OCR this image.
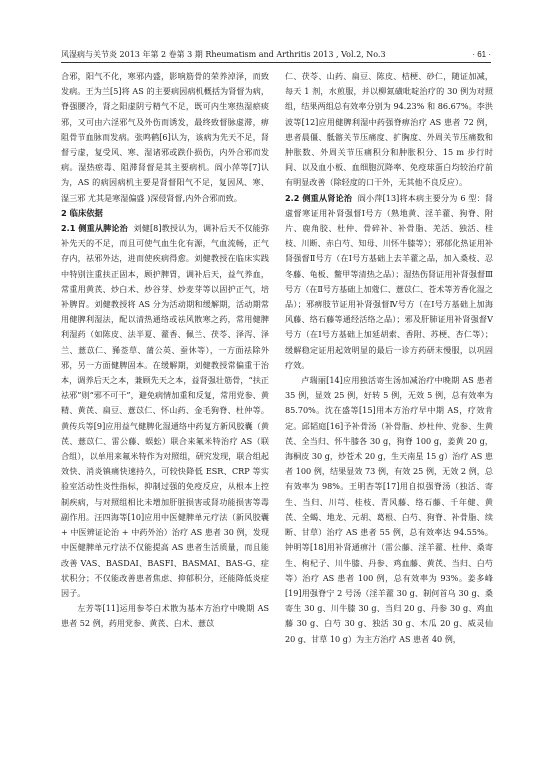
风湿病与关节炎 2013 年第 2 卷第 3 期 Rheumatism and Arthritis 2013 , Vol.2, No.3	· 61 ·

合邪，阳气不化，寒邪内盛，影响筋骨的荣养淖泽，而致发病。王为兰[5]将 AS 的主要病因病机概括为肾督为病，脊强腰冷，肾之阳虚阴亏精气不足，既可内生寒热湿瘀痰邪，又可由六淫邪气及外伤而诱发，最终致督脉虚滞，痹阻骨节血脉而发病。张鸣鹤[6]认为，该病为先天不足，肾督亏虚，复受风、寒、湿诸邪或跌仆损伤，内外合邪而发病。湿热瘀毒、阻滞肾督是其主要病机。阎小萍等[7]认为，AS 的病因病机主要是肾督阳气不足，复因风、寒、湿三邪 尤其是寒湿偏盛 )深侵肾督,内外合邪而致。

2 临床依据

2.1 侧重从脾论治 刘健[8]教授认为，调补后天不仅能弥补先天的不足，而且可使气血生化有源，气血流畅，正气存内，祛邪外达，进而使疾病得愈。刘健教授在临床实践中特别注重扶正固本，顾护脾胃，调补后天，益气养血，常重用黄芪、炒白术、炒谷芽、炒麦芽等以固护正气，培补脾胃。刘健教授将 AS 分为活动期和缓解期，活动期常用健脾利湿法，配以清热通络或祛风散寒之药，常用健脾利湿药（如陈皮、法半夏、藿香、佩兰、茯苓、泽泻、泽兰、薏苡仁、豨莶草、蒲公英、蚕休等），一方面祛除外邪，另一方面健脾固本。在缓解期，刘健教授常偏重于治本，调养后天之本，兼顾先天之本，益肾强壮筋骨，“扶正祛邪”则“邪不可干”，避免病情加重和反复，常用党参、黄精、黄芪、扁豆、薏苡仁、怀山药、金毛狗脊、杜仲等。黄传兵等[9]应用益气健脾化湿通络中药复方新风胶囊（黄芪、薏苡仁、雷公藤、蜈蚣）联合来氟米特治疗 AS（联合组），以单用来氟米特作为对照组，研究发现，联合组起效快、消炎镇痛快速持久，可较快降低 ESR、CRP 等实验室活动性炎性指标，抑制过强的免疫反应，从根本上控制疾病，与对照组相比未增加肝脏损害或肾功能损害等毒副作用。汪四海等[10]应用中医健脾单元疗法（新风胶囊 + 中医辨证论治 + 中药外治）治疗 AS 患者 30 例，发现中医健脾单元疗法不仅能提高 AS 患者生活质量，而且能改善 VAS、BASDAI、BASFI、BASMAI、BAS-G、症状积分；不仅能改善患者焦虑、抑郁积分，还能降低炎症因子。

左芳等[11]运用参苓白术散为基本方治疗中晚期 AS 患者 52 例，药用党参、黄芪、白术、薏苡

仁、茯苓、山药、扁豆、陈皮、桔梗、砂仁，随证加减，每天 1 剂，水煎服，并以柳氮磺吡啶治疗的 30 例为对照组，结果两组总有效率分别为 94.23% 和 86.67%。李洪波等[12]应用健脾利湿中药强脊痹治疗 AS 患者 72 例，患者晨僵、骶髂关节压痛度、扩胸度、外周关节压痛数和肿胀数、外周关节压痛积分和肿胀积分、15 m 步行时间、以及血小板、血细胞沉降率、免疫球蛋白均较治疗前有明显改善（除轻度的口干外，无其他不良反应）。

2.2 侧重从肾论治 阎小萍[13]将本病主要分为 6 型：肾虚督寒证用补肾强督Ⅰ号方（熟地黄、淫羊藿、狗脊、附片、鹿角胶、杜仲、骨碎补、补骨脂、羌活、独活、桂枝、川断、赤白芍、知母、川怀牛膝等）；邪郁化热证用补肾强督Ⅱ号方（在Ⅰ号方基础上去羊藿之品，加入桑枝、忍冬藤、龟板、鳖甲等清热之品）；湿热伤肾证用补肾强督Ⅲ号方（在Ⅱ号方基础上加蔻仁、薏苡仁、苍术等芳香化湿之品）；邪痹肢节证用补肾强督Ⅳ号方（在Ⅰ号方基础上加海风藤、络石藤等通经活络之品）；邪及肝肺证用补肾强督Ⅴ号方（在Ⅰ号方基础上加延胡索、香附、苏梗、杏仁等）；缓解稳定证用起效明显的最后一诊方药研末慢服，以巩固疗效。

卢瑞丽[14]应用独活寄生汤加减治疗中晚期 AS 患者 35 例，显效 25 例，好转 5 例，无效 5 例，总有效率为 85.70%。沈在盛等[15]用本方治疗早中期 AS，疗效肯定。邱韬庭[16]予补骨汤（补骨脂、炒杜仲、党参、生黄芪、全当归、怀牛膝各 30 g，狗脊 100 g，姜黄 20 g，海桐皮 30 g，炒苍术 20 g，生天南星 15 g）治疗 AS 患者 100 例，结果显效 73 例，有效 25 例，无效 2 例，总有效率为 98%。王明杏等[17]用自拟强脊汤（独活、寄生、当归、川芎、桂枝、青风藤、络石藤、千年健、黄芪、全蝎、地龙、元胡、葛根、白芍、狗脊、补骨脂、续断、甘草）治疗 AS 患者 55 例，总有效率达 94.55%。钟明等[18]用补肾通痹汁（雷公藤、淫羊藿、杜仲、桑寄生、枸杞子、川牛膝、丹参、鸡血藤、黄芪、当归、白芍等）治疗 AS 患者 100 例，总有效率为 93%。姜多峰[19]用强脊宁 2 号汤（淫羊藿 30 g、制何首乌 30 g、桑寄生 30 g、川牛膝 30 g、当归 20 g、丹参 30 g、鸡血藤 30 g、白芍 30 g、独活 30 g、木瓜 20 g、威灵仙 20 g、甘草 10 g）为主方治疗 AS 患者 40 例，
